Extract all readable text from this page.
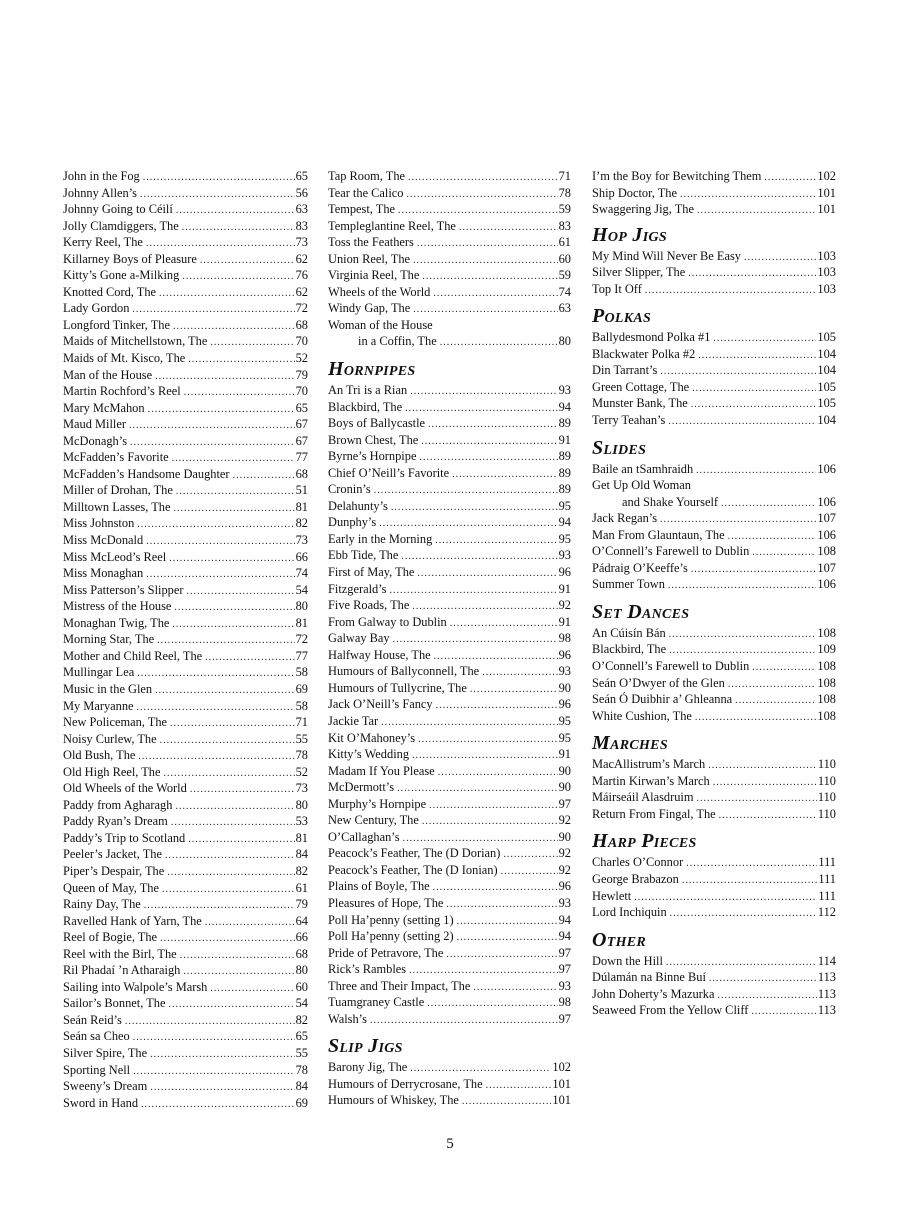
John in the Fog .....	65
Johnny Allen’s .....	56
Johnny Going to Céilí .....	63
Jolly Clamdiggers, The .....	83
Kerry Reel, The .....	73
Killarney Boys of Pleasure .....	62
Kitty’s Gone a-Milking .....	76
Knotted Cord, The .....	62
Lady Gordon .....	72
Longford Tinker, The .....	68
Maids of Mitchellstown, The .....	70
Maids of Mt. Kisco, The .....	52
Man of the House .....	79
Martin Rochford’s Reel .....	70
Mary McMahon .....	65
Maud Miller .....	67
McDonagh’s .....	67
McFadden’s Favorite .....	77
McFadden’s Handsome Daughter .....	68
Miller of Drohan, The .....	51
Milltown Lasses, The .....	81
Miss Johnston .....	82
Miss McDonald .....	73
Miss McLeod’s Reel .....	66
Miss Monaghan .....	74
Miss Patterson’s Slipper .....	54
Mistress of the House .....	80
Monaghan Twig, The .....	81
Morning Star, The .....	72
Mother and Child Reel, The .....	77
Mullingar Lea .....	58
Music in the Glen .....	69
My Maryanne .....	58
New Policeman, The .....	71
Noisy Curlew, The .....	55
Old Bush, The .....	78
Old High Reel, The .....	52
Old Wheels of the World .....	73
Paddy from Agharagh .....	80
Paddy Ryan’s Dream .....	53
Paddy’s Trip to Scotland .....	81
Peeler’s Jacket, The .....	84
Piper’s Despair, The .....	82
Queen of May, The .....	61
Rainy Day, The .....	79
Ravelled Hank of Yarn, The .....	64
Reel of Bogie, The .....	66
Reel with the Birl, The .....	68
Ril Phadaí ’n Atharaigh .....	80
Sailing into Walpole’s Marsh .....	60
Sailor’s Bonnet, The .....	54
Seán Reid’s .....	82
Seán sa Cheo .....	65
Silver Spire, The .....	55
Sporting Nell .....	78
Sweeny’s Dream .....	84
Sword in Hand .....	69
Tap Room, The .....	71
Tear the Calico .....	78
Tempest, The .....	59
Templeglantine Reel, The .....	83
Toss the Feathers .....	61
Union Reel, The .....	60
Virginia Reel, The .....	59
Wheels of the World .....	74
Windy Gap, The .....	63
Woman of the House
in a Coffin, The .....	80
Hornpipes
An Tri is a Rian .....	93
Blackbird, The .....	94
Boys of Ballycastle .....	89
Brown Chest, The .....	91
Byrne’s Hornpipe .....	89
Chief O’Neill’s Favorite .....	89
Cronin’s .....	89
Delahunty’s .....	95
Dunphy’s .....	94
Early in the Morning .....	95
Ebb Tide, The .....	93
First of May, The .....	96
Fitzgerald’s .....	91
Five Roads, The .....	92
From Galway to Dublin .....	91
Galway Bay .....	98
Halfway House, The .....	96
Humours of Ballyconnell, The .....	93
Humours of Tullycrine, The .....	90
Jack O’Neill’s Fancy .....	96
Jackie Tar .....	95
Kit O’Mahoney’s .....	95
Kitty’s Wedding .....	91
Madam If You Please .....	90
McDermott’s .....	90
Murphy’s Hornpipe .....	97
New Century, The .....	92
O’Callaghan’s .....	90
Peacock’s Feather, The (D Dorian) .....	92
Peacock’s Feather, The (D Ionian) .....	92
Plains of Boyle, The .....	96
Pleasures of Hope, The .....	93
Poll Ha’penny (setting 1) .....	94
Poll Ha’penny (setting 2) .....	94
Pride of Petravore, The .....	97
Rick’s Rambles .....	97
Three and Their Impact, The .....	93
Tuamgraney Castle .....	98
Walsh’s .....	97
Slip Jigs
Barony Jig, The .....	102
Humours of Derrycrosane, The .....	101
Humours of Whiskey, The .....	101
I’m the Boy for Bewitching Them .....	102
Ship Doctor, The .....	101
Swaggering Jig, The .....	101
Hop Jigs
My Mind Will Never Be Easy .....	103
Silver Slipper, The .....	103
Top It Off .....	103
Polkas
Ballydesmond Polka #1 .....	105
Blackwater Polka #2 .....	104
Din Tarrant’s .....	104
Green Cottage, The .....	105
Munster Bank, The .....	105
Terry Teahan’s .....	104
Slides
Baile an tSamhraidh .....	106
Get Up Old Woman
and Shake Yourself .....	106
Jack Regan’s .....	107
Man From Glauntaun, The .....	106
O’Connell’s Farewell to Dublin .....	108
Pádraig O’Keeffe’s .....	107
Summer Town .....	106
Set Dances
An Cúisín Bán .....	108
Blackbird, The .....	109
O’Connell’s Farewell to Dublin .....	108
Seán O’Dwyer of the Glen .....	108
Seán Ó Duibhir a’ Ghleanna .....	108
White Cushion, The .....	108
Marches
MacAllistrum’s March .....	110
Martin Kirwan’s March .....	110
Máirseáil Alasdruim .....	110
Return From Fingal, The .....	110
Harp Pieces
Charles O’Connor .....	111
George Brabazon .....	111
Hewlett .....	111
Lord Inchiquin .....	112
Other
Down the Hill .....	114
Dúlamán na Binne Buí .....	113
John Doherty’s Mazurka .....	113
Seaweed From the Yellow Cliff .....	113
5
